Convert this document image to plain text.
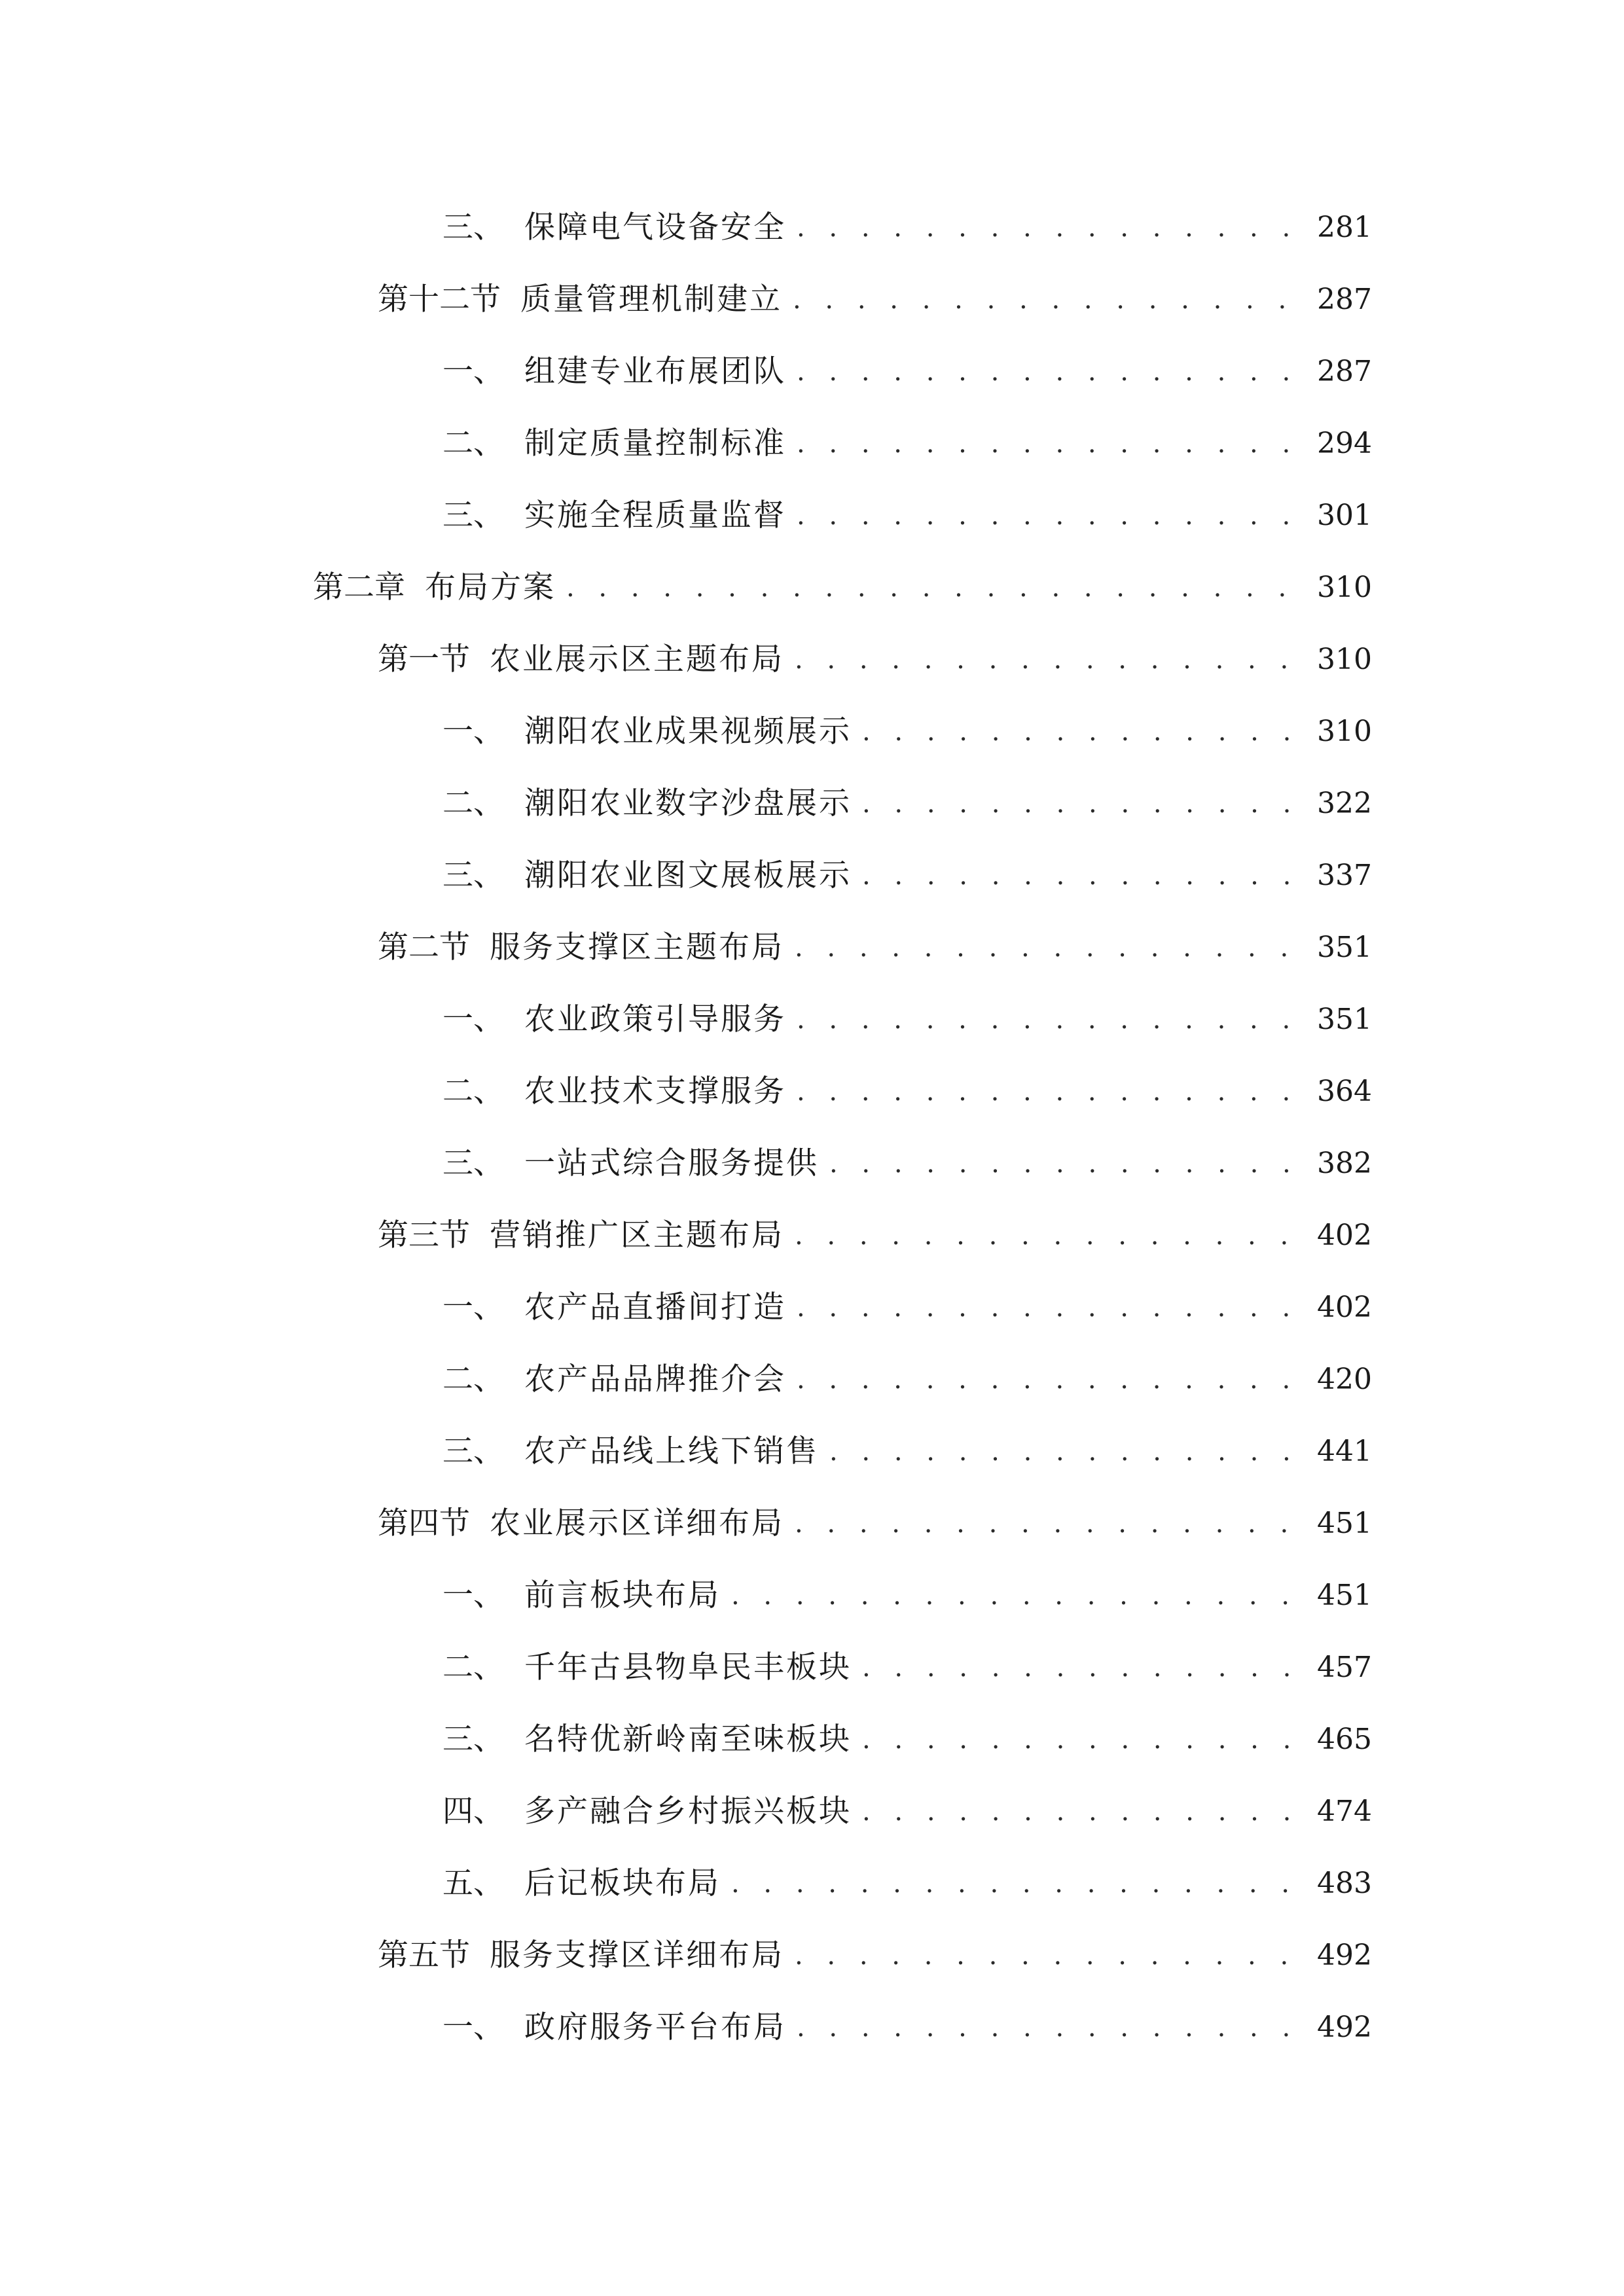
三、 保障电气设备安全 . . .	281
第十二节 质量管理机制建立 . . .	287
一、 组建专业布展团队 . . .	287
二、 制定质量控制标准 . . .	294
三、 实施全程质量监督 . . .	301
第二章 布局方案 . . .	310
第一节 农业展示区主题布局 . . .	310
一、 潮阳农业成果视频展示 . . .	310
二、 潮阳农业数字沙盘展示 . . .	322
三、 潮阳农业图文展板展示 . . .	337
第二节 服务支撑区主题布局 . . .	351
一、 农业政策引导服务 . . .	351
二、 农业技术支撑服务 . . .	364
三、 一站式综合服务提供 . . .	382
第三节 营销推广区主题布局 . . .	402
一、 农产品直播间打造 . . .	402
二、 农产品品牌推介会 . . .	420
三、 农产品线上线下销售 . . .	441
第四节 农业展示区详细布局 . . .	451
一、 前言板块布局 . . .	451
二、 千年古县物阜民丰板块 . . .	457
三、 名特优新岭南至味板块 . . .	465
四、 多产融合乡村振兴板块 . . .	474
五、 后记板块布局 . . .	483
第五节 服务支撑区详细布局 . . .	492
一、 政府服务平台布局 . . .	492
